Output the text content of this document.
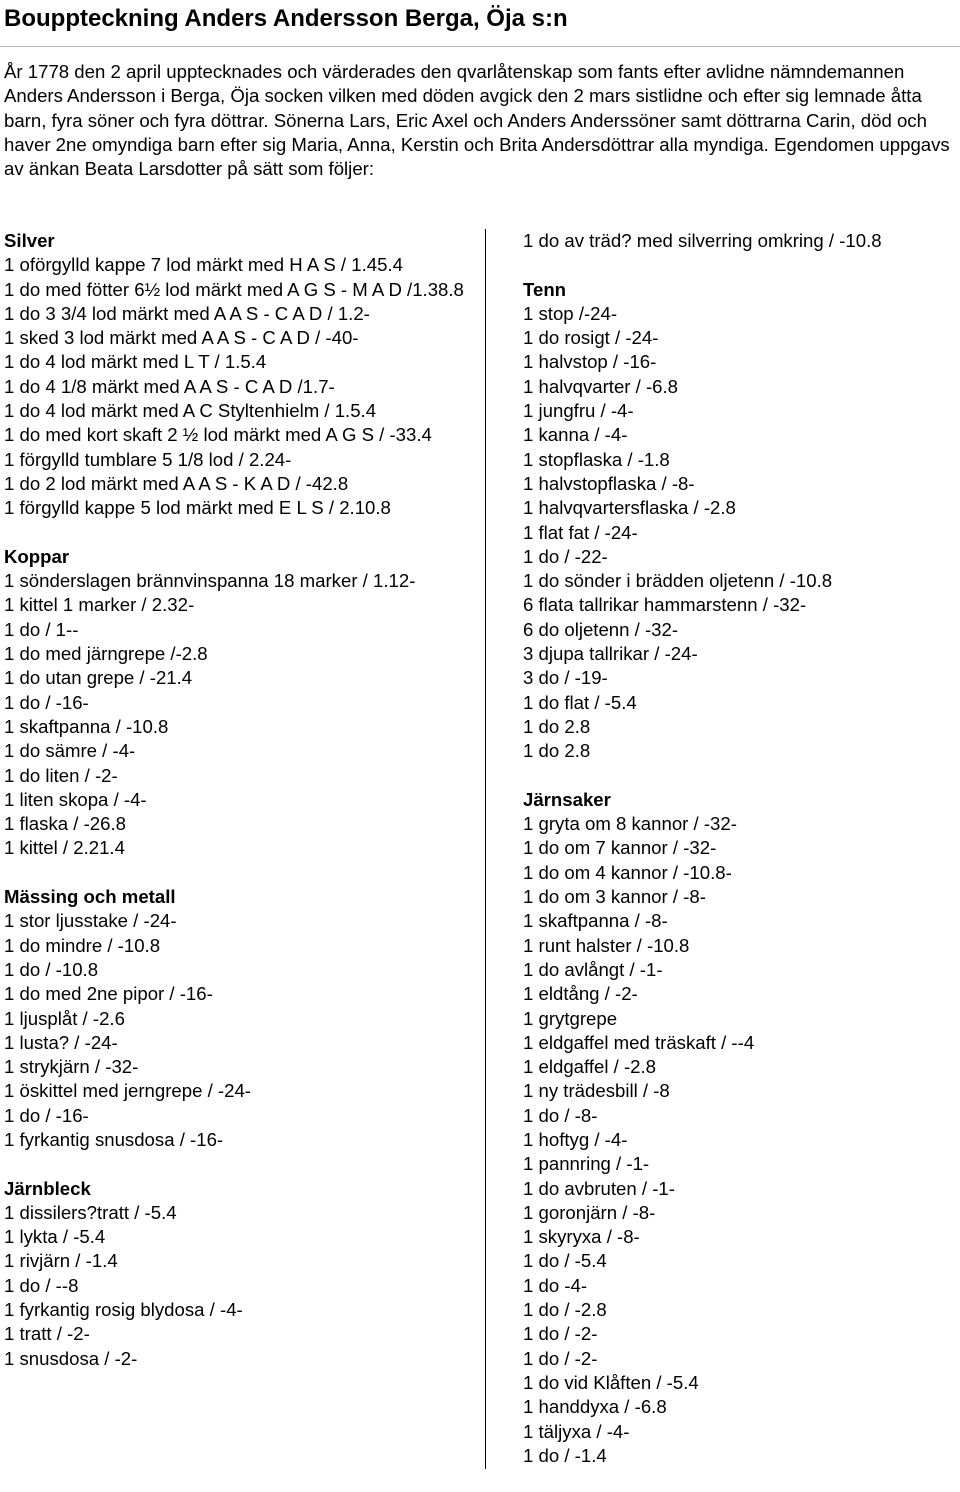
Bouppteckning Anders Andersson Berga, Öja s:n

År 1778 den 2 april upptecknades och värderades den qvarlåtenskap som fants efter avlidne nämndemannen Anders Andersson i Berga, Öja socken vilken med döden avgick den 2 mars sistlidne och efter sig lemnade åtta barn, fyra söner och fyra döttrar. Sönerna Lars, Eric Axel och Anders Anderssöner samt döttrarna Carin, död och haver 2ne omyndiga barn efter sig Maria, Anna, Kerstin och Brita Andersdöttrar alla myndiga. Egendomen uppgavs av änkan Beata Larsdotter på sätt som följer:

Silver
1 oförgylld kappe 7 lod märkt med H A S / 1.45.4
1 do med fötter 6½ lod märkt med A G S - M A D /1.38.8
1 do 3 3/4 lod märkt med A A S - C A D / 1.2-
1 sked 3 lod märkt med A A S - C A D / -40-
1 do 4 lod märkt med L T / 1.5.4
1 do 4 1/8 märkt med A A S - C A D /1.7-
1 do 4 lod märkt med A C Styltenhielm / 1.5.4
1 do med kort skaft 2 ½ lod märkt med A G S / -33.4
1 förgylld tumblare 5 1/8 lod / 2.24-
1 do 2 lod märkt med A A S - K A D / -42.8
1 förgylld kappe 5 lod märkt med E L S / 2.10.8
Koppar
1 sönderslagen brännvinspanna 18 marker / 1.12-
1 kittel 1 marker / 2.32-
1 do / 1--
1 do med järngrepe /-2.8
1 do utan grepe / -21.4
1 do / -16-
1 skaftpanna / -10.8
1 do sämre / -4-
1 do liten / -2-
1 liten skopa / -4-
1 flaska / -26.8
1 kittel / 2.21.4
Mässing och metall
1 stor ljusstake / -24-
1 do mindre / -10.8
1 do / -10.8
1 do med 2ne pipor / -16-
1 ljusplåt / -2.6
1 lusta? / -24-
1 strykjärn / -32-
1 öskittel med jerngrepe / -24-
1 do / -16-
1 fyrkantig snusdosa / -16-
Järnbleck
1 dissilers?tratt / -5.4
1 lykta / -5.4
1 rivjärn / -1.4
1 do / --8
1 fyrkantig rosig blydosa / -4-
1 tratt / -2-
1 snusdosa / -2-
1 do av träd? med silverring omkring / -10.8
Tenn
1 stop /-24-
1 do rosigt / -24-
1 halvstop / -16-
1 halvqvarter / -6.8
1 jungfru / -4-
1 kanna / -4-
1 stopflaska / -1.8
1 halvstopflaska / -8-
1 halvqvartersflaska / -2.8
1 flat fat / -24-
1 do / -22-
1 do sönder i brädden oljetenn / -10.8
6 flata tallrikar hammarstenn / -32-
6 do oljetenn / -32-
3 djupa tallrikar / -24-
3 do / -19-
1 do flat / -5.4
1 do 2.8
1 do 2.8
Järnsaker
1 gryta om 8 kannor / -32-
1 do om 7 kannor / -32-
1 do om 4 kannor / -10.8-
1 do om 3 kannor / -8-
1 skaftpanna / -8-
1 runt halster / -10.8
1 do avlångt / -1-
1 eldtång / -2-
1 grytgrepe
1 eldgaffel med träskaft / --4
1 eldgaffel / -2.8
1 ny trädesbill / -8
1 do / -8-
1 hoftyg / -4-
1 pannring / -1-
1 do avbruten / -1-
1 goronjärn / -8-
1 skyryxa / -8-
1 do / -5.4
1 do -4-
1 do / -2.8
1 do / -2-
1 do / -2-
1 do vid Klåften / -5.4
1 handdyxa / -6.8
1 täljyxa / -4-
1 do / -1.4
